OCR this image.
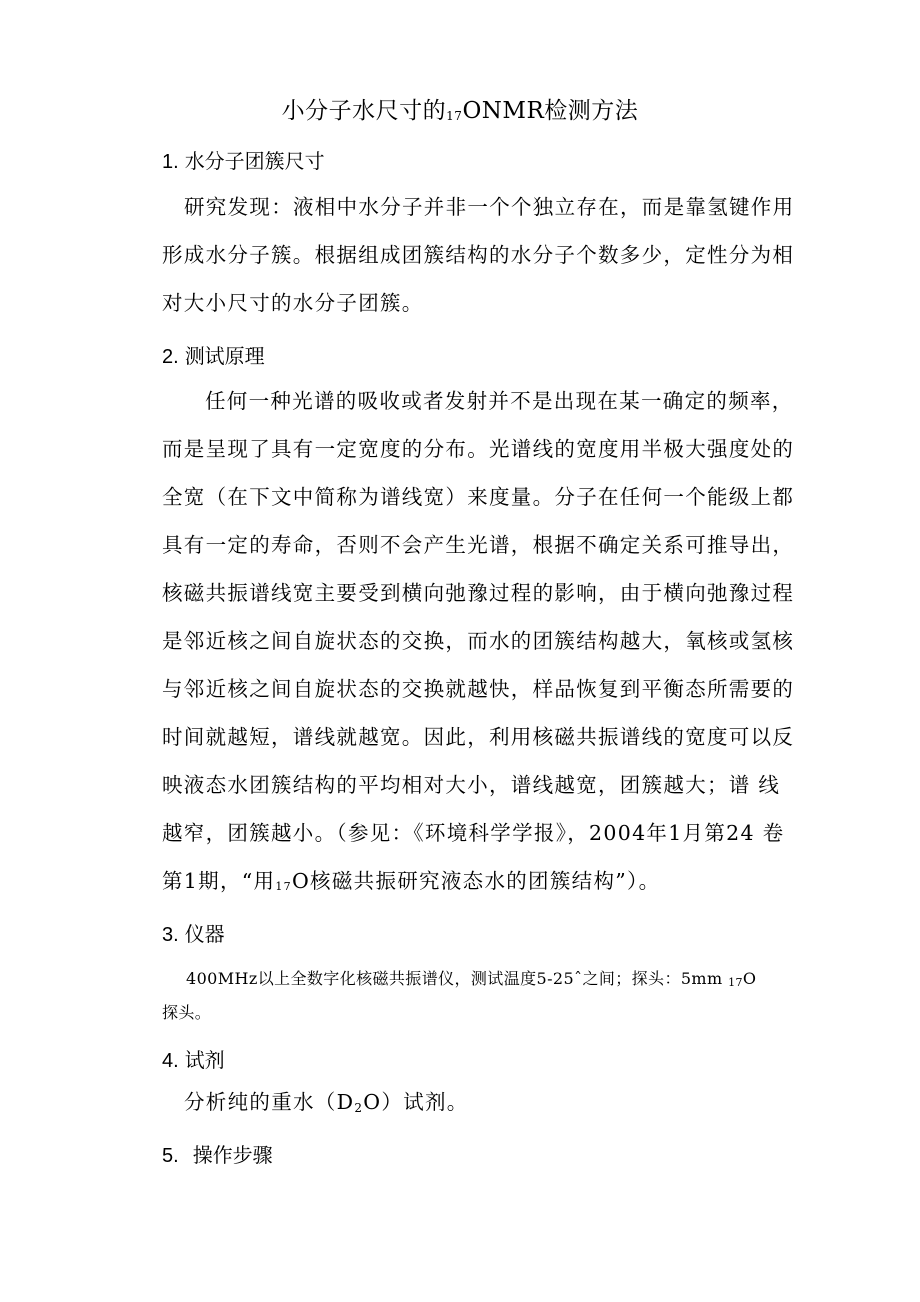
小分子水尺寸的$_{17}$ONMR检测方法
1. 水分子团簇尺寸
研究发现：液相中水分子并非一个个独立存在，而是靠氢键作用
形成水分子簇。根据组成团簇结构的水分子个数多少，定性分为相
对大小尺寸的水分子团簇。
2. 测试原理
任何一种光谱的吸收或者发射并不是出现在某一确定的频率，
而是呈现了具有一定宽度的分布。光谱线的宽度用半极大强度处的
全宽（在下文中简称为谱线宽）来度量。分子在任何一个能级上都
具有一定的寿命，否则不会产生光谱，根据不确定关系可推导出，
核磁共振谱线宽主要受到横向弛豫过程的影响，由于横向弛豫过程
是邻近核之间自旋状态的交换，而水的团簇结构越大，氧核或氢核
与邻近核之间自旋状态的交换就越快，样品恢复到平衡态所需要的
时间就越短，谱线就越宽。因此，利用核磁共振谱线的宽度可以反
映液态水团簇结构的平均相对大小，谱线越宽，团簇越大；谱 线
越窄，团簇越小。（参见：《环境科学学报》，2004年1月第24 卷
第1期，“用$_{17}$O核磁共振研究液态水的团簇结构”）。
3. 仪器
400MHz以上全数字化核磁共振谱仪，测试温度5-25ˆ之间；探头：5mm $_{17}$O
探头。
4. 试剂
分析纯的重水$(D_2O)$试剂。
5. 操作步骤
